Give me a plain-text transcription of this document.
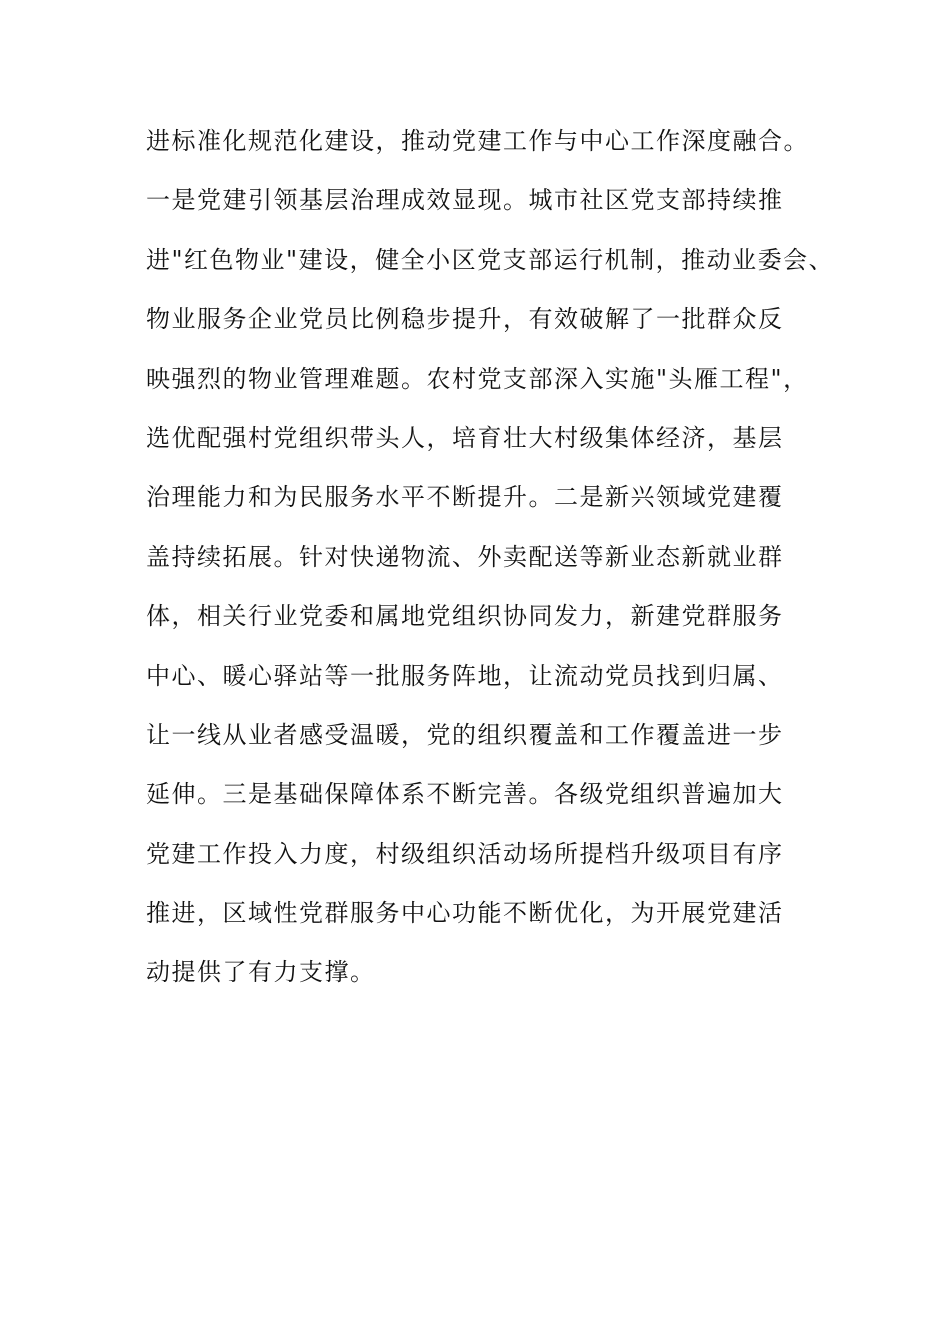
进标准化规范化建设，推动党建工作与中心工作深度融合。
一是党建引领基层治理成效显现。城市社区党支部持续推
进"红色物业"建设，健全小区党支部运行机制，推动业委会、
物业服务企业党员比例稳步提升，有效破解了一批群众反
映强烈的物业管理难题。农村党支部深入实施"头雁工程"，
选优配强村党组织带头人，培育壮大村级集体经济，基层
治理能力和为民服务水平不断提升。二是新兴领域党建覆
盖持续拓展。针对快递物流、外卖配送等新业态新就业群
体，相关行业党委和属地党组织协同发力，新建党群服务
中心、暖心驿站等一批服务阵地，让流动党员找到归属、
让一线从业者感受温暖，党的组织覆盖和工作覆盖进一步
延伸。三是基础保障体系不断完善。各级党组织普遍加大
党建工作投入力度，村级组织活动场所提档升级项目有序
推进，区域性党群服务中心功能不断优化，为开展党建活
动提供了有力支撑。
